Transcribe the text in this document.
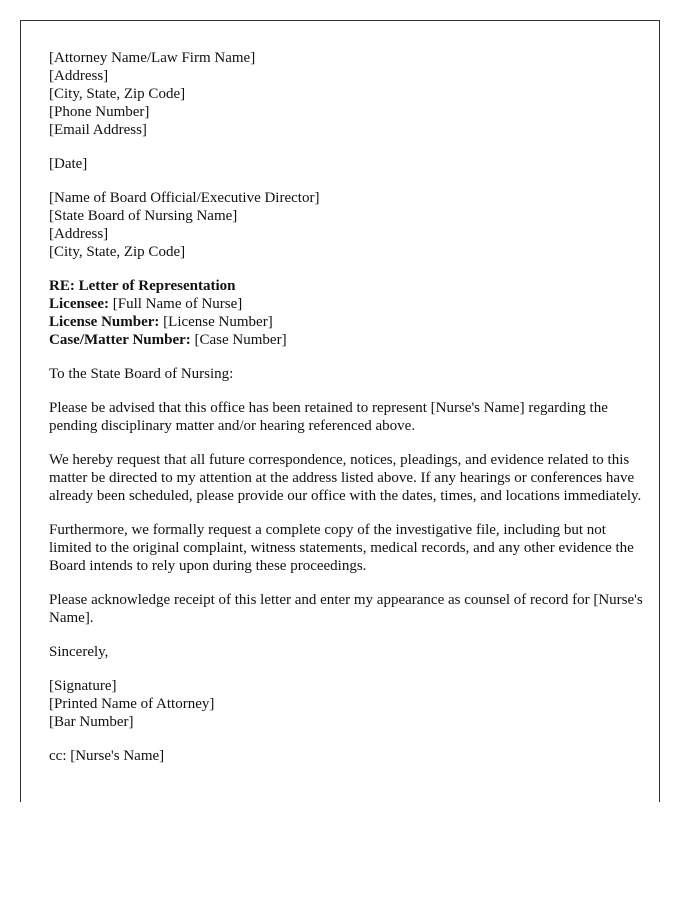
[Attorney Name/Law Firm Name]
[Address]
[City, State, Zip Code]
[Phone Number]
[Email Address]

[Date]

[Name of Board Official/Executive Director]
[State Board of Nursing Name]
[Address]
[City, State, Zip Code]

RE: Letter of Representation
Licensee: [Full Name of Nurse]
License Number: [License Number]
Case/Matter Number: [Case Number]

To the State Board of Nursing:

Please be advised that this office has been retained to represent [Nurse's Name] regarding the pending disciplinary matter and/or hearing referenced above.

We hereby request that all future correspondence, notices, pleadings, and evidence related to this matter be directed to my attention at the address listed above. If any hearings or conferences have already been scheduled, please provide our office with the dates, times, and locations immediately.

Furthermore, we formally request a complete copy of the investigative file, including but not limited to the original complaint, witness statements, medical records, and any other evidence the Board intends to rely upon during these proceedings.

Please acknowledge receipt of this letter and enter my appearance as counsel of record for [Nurse's Name].

Sincerely,

[Signature]
[Printed Name of Attorney]
[Bar Number]

cc: [Nurse's Name]
